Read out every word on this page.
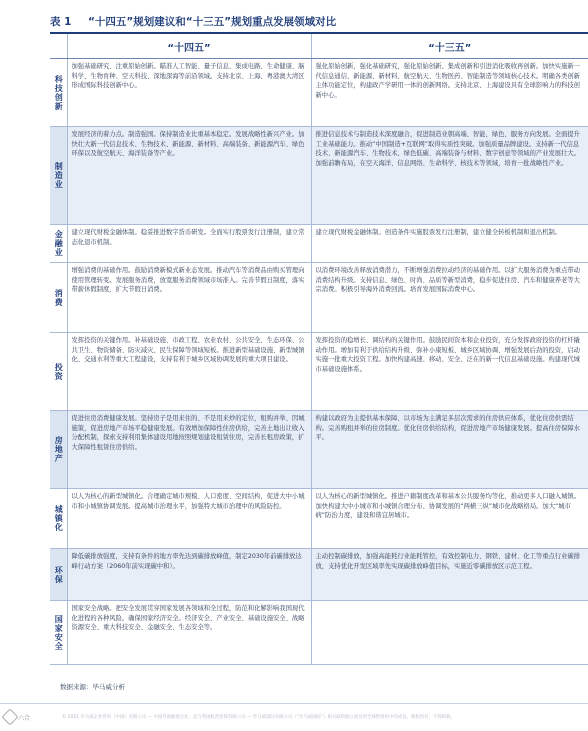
表 1	“十四五”规划建议和“十三五”规划重点发展领域对比
	“十四五”	“十三五”
科技创新	加强基础研究、注重原始创新。瞄准人工智能、量子信息、集成电路、生命健康、脑科学、生物育种、空天科技、深地深海等前沿领域。支持北京、上海、粤港澳大湾区形成国际科技创新中心。	强化原始创新，强化基础研究，强化原始创新、集成创新和引进消化吸收再创新。加快实施新一代信息通信、新能源、新材料、航空航天、生物医药、智能制造等领域核心技术。明确各类创新主体功能定位，构建政产学研用一体的创新网络。支持北京、上海建设具有全球影响力的科技创新中心。
制造业	发展经济的着力点。制造强国。保持制造业比重基本稳定。发展战略性新兴产业。加快壮大新一代信息技术、生物技术、新能源、新材料、高端装备、新能源汽车、绿色环保以及航空航天、海洋装备等产业。	推进信息技术与制造技术深度融合，促进制造业朝高端、智能、绿色、服务方向发展。全面提升工业基础能力。推动“中国制造+互联网”取得实质性突破。加强质量品牌建设。支持新一代信息技术、新能源汽车、生物技术、绿色低碳、高端装备与材料、数字创意等领域的产业发展壮大。加强前瞻布局，在空天海洋、信息网络、生命科学、核技术等领域，培育一批战略性产业。
金融业	建立现代财税金融体制。稳妥推进数字货币研发。全面实行股票发行注册制，建立常态化退市机制。	建立现代财税金融体制。创造条件实施股票发行注册制，建立健全转板机制和退出机制。
消费	增强消费的基础作用。鼓励消费新模式新业态发展。推动汽车等消费品由购买管理向使用管理转变。发展服务消费，放宽服务消费领域市场准入。完善节假日制度，落实带薪休假制度，扩大节假日消费。	以消费环境改善释放消费潜力，不断增强消费拉动经济的基础作用。以扩大服务消费为重点带动消费结构升级。支持信息、绿色、时尚、品质等新型消费，稳步促进住房、汽车和健康养老等大宗消费。积极引导海外消费回流。培育发展国际消费中心。
投资	发挥投资的关键作用。补基础设施、市政工程、农业农村、公共安全、生态环保、公共卫生、物资储备、防灾减灾、民生保障等领域短板。推进新型基础设施、新型城镇化、交通水利等重大工程建设，支持有利于城乡区域协调发展的重大项目建设。	发挥投资的稳增长、调结构的关键作用。鼓励民间资本和企业投资，充分发挥政府投资的杠杆撬动作用。增加有利于供给结构升级、弥补小康短板、城乡区域协调、增强发展后劲的投资，启动实施一批重大投资工程。加快构建高速、移动、安全、泛在的新一代信息基础设施。构建现代城市基础设施体系。
房地产	促进住房消费健康发展。坚持房子是用来住的、不是用来炒的定位，租购并举、因城施策，促进房地产市场平稳健康发展。有效增加保障性住房供给，完善土地出让收入分配机制，探索支持利用集体建设用地按照规划建设租赁住房，完善长租房政策，扩大保障性租赁住房供给。	构建以政府为主提供基本保障、以市场为主满足多层次需求的住房供应体系，优化住房供需结构。完善购租并举的住房制度。优化住房供给结构，促进房地产市场健康发展。提高住房保障水平。
城镇化	以人为核心的新型城镇化。合理确定城市规模、人口密度、空间结构，促进大中小城市和小城镇协调发展。提高城市治理水平，加强特大城市治理中的风险防控。	以人为核心的新型城镇化。推进户籍制度改革和基本公共服务均等化，推动更多人口融入城镇。加快构建大中小城市和小城镇合理分布、协调发展的“两横三纵”城市化战略格局。加大“城市病”防治力度，建设和谐宜居城市。
环保	降低碳排放强度，支持有条件的地方率先达到碳排放峰值，制定2030年前碳排放达峰行动方案（2060年前实现碳中和）。	主动控制碳排放，加强高能耗行业能耗管控，有效控制电力、钢铁、建材、化工等重点行业碳排放，支持优化开发区域率先实现碳排放峰值目标，实施近零碳排放区示范工程。
国家安全	国家安全战略。把安全发展贯穿国家发展各领域和全过程，防范和化解影响我国现代化进程的各种风险。确保国家经济安全。经济安全、产业安全、基础设施安全、战略资源安全、重大科技安全、金融安全、生态安全等。	
数据来源：毕马威分析
六合	© 2021 毕马威企业咨询（中国）有限公司 — 中国外商独资企业，是与英国私营担保有限公司 — 毕马威国际有限公司（“毕马威国际”）相关联的独立成员所全球性组织中的成员。版权所有，不得转载。
